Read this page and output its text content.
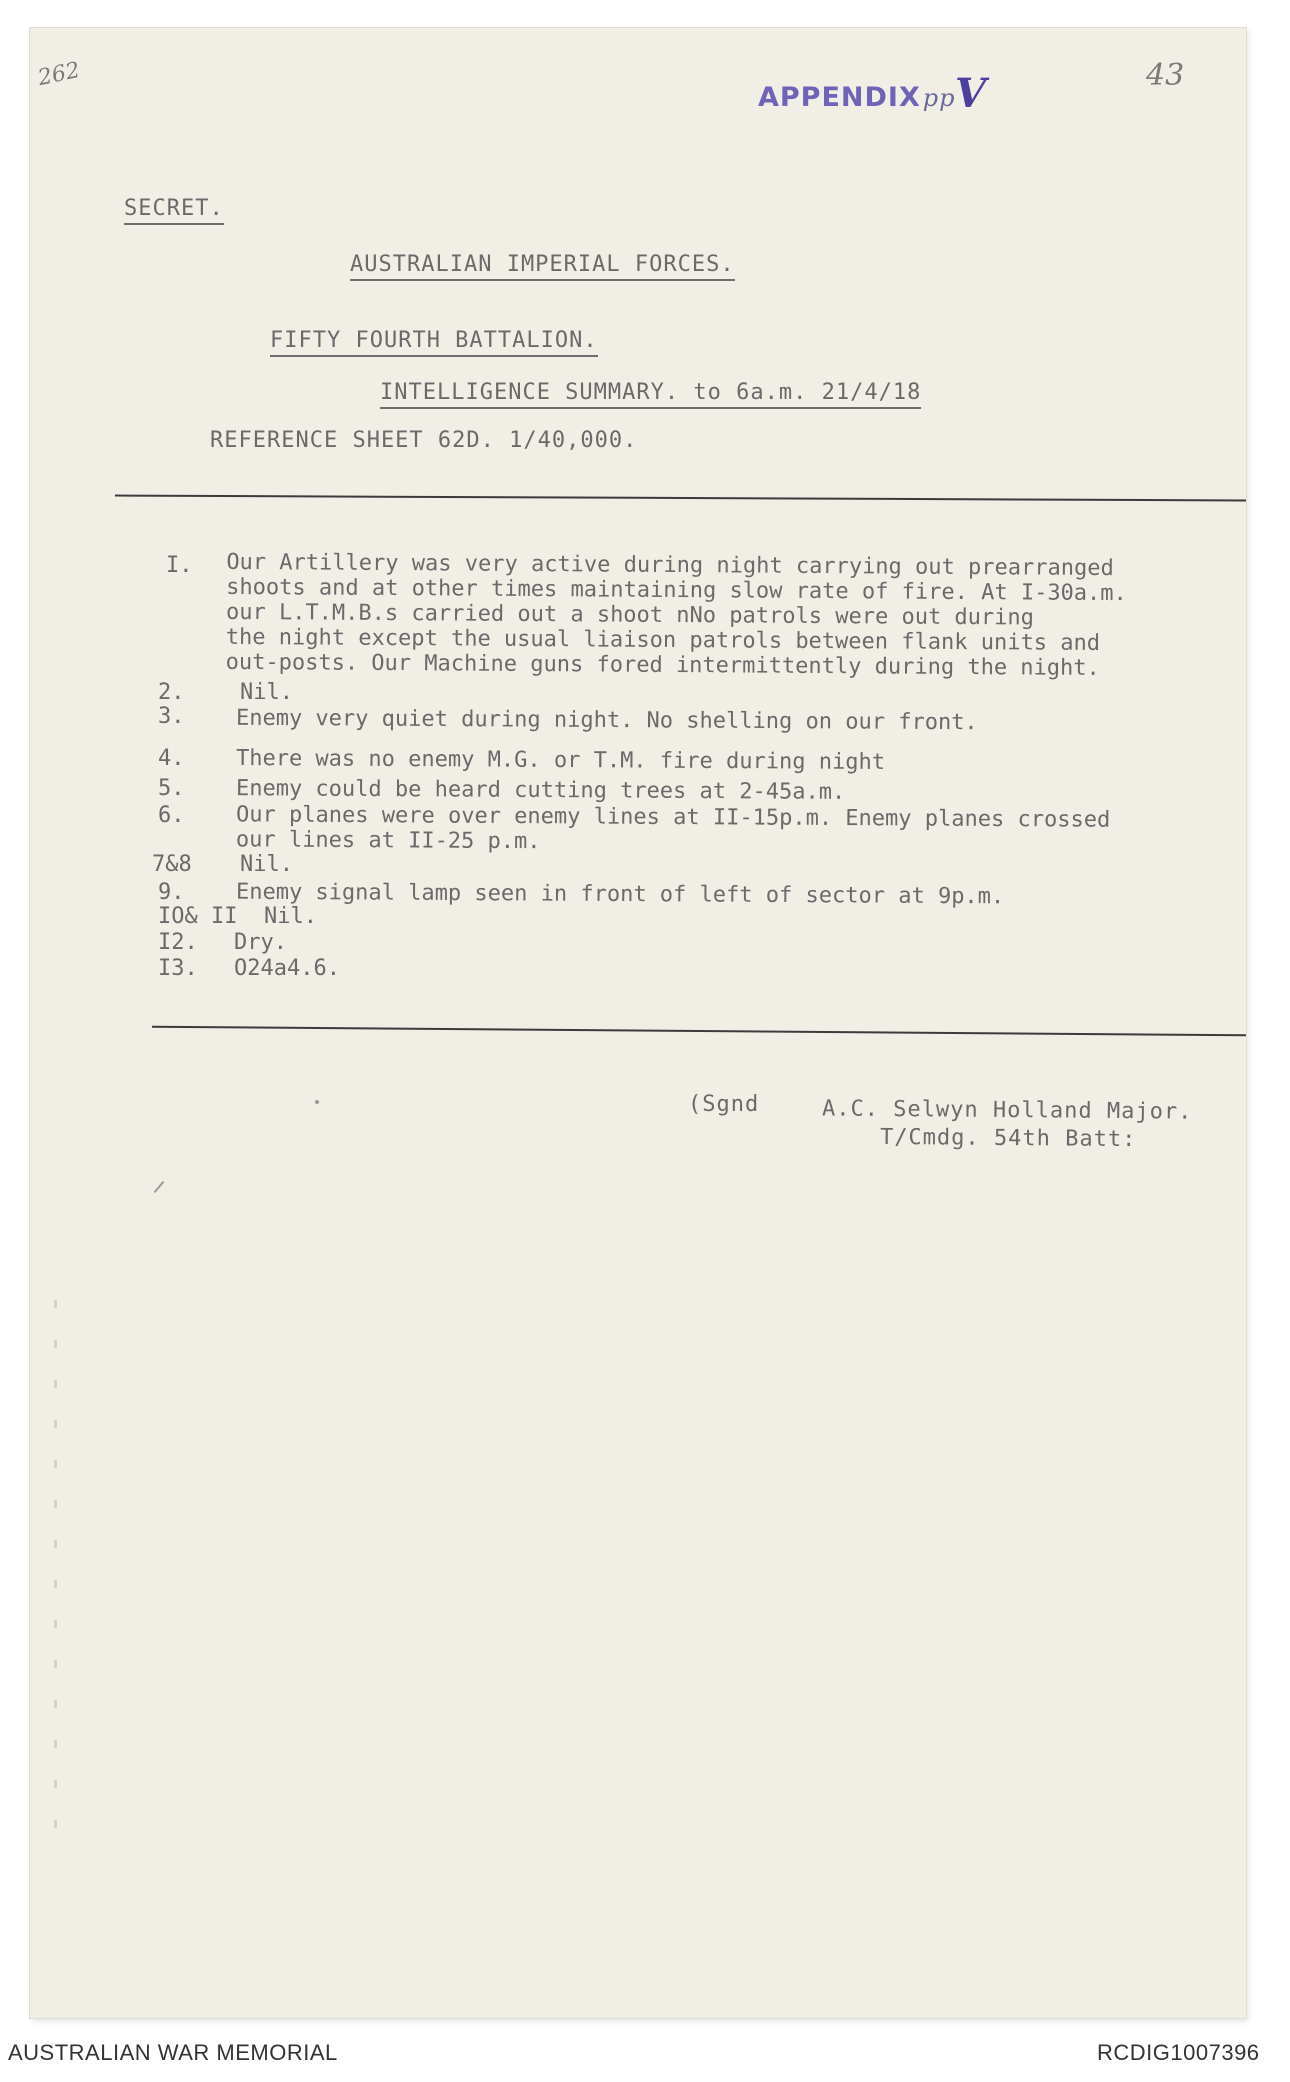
262	43
APPENDIXpp V
SECRET.
AUSTRALIAN IMPERIAL FORCES.
FIFTY FOURTH BATTALION.
INTELLIGENCE SUMMARY. to 6a.m. 21/4/18
REFERENCE SHEET 62D. 1/40,000.
I. Our Artillery was very active during night carrying out prearranged
shoots and at other times maintaining slow rate of fire. At I-30a.m.
our L.T.M.B.s carried out a shoot nNo patrols were out during
the night except the usual liaison patrols between flank units and
out-posts. Our Machine guns fored intermittently during the night.
2.	Nil.
3. Enemy very quiet during night. No shelling on our front.
4. There was no enemy M.G. or T.M. fire during night
5. Enemy could be heard cutting trees at 2-45a.m.
6. Our planes were over enemy lines at II-15p.m. Enemy planes crossed
our lines at II-25 p.m.
7&8 Nil.
9. Enemy signal lamp seen in front of left of sector at 9p.m.
IO& II Nil.
I2. Dry.
I3. O24a4.6.
(Sgnd	A.C. Selwyn Holland Major.
T/Cmdg. 54th Batt:
AUSTRALIAN WAR MEMORIAL	RCDIG1007396
